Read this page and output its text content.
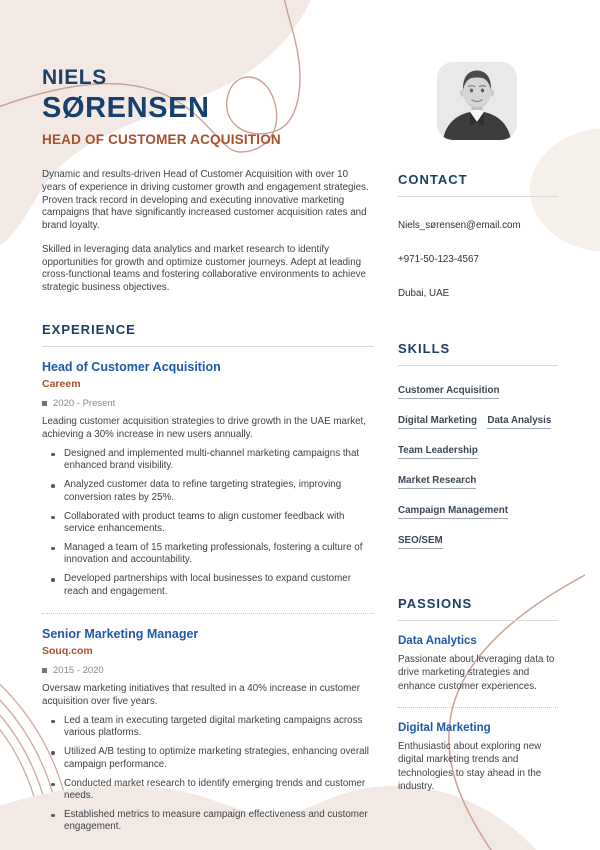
NIELS
SØRENSEN
HEAD OF CUSTOMER ACQUISITION

Dynamic and results-driven Head of Customer Acquisition with over 10 years of experience in driving customer growth and engagement strategies. Proven track record in developing and executing innovative marketing campaigns that have significantly increased customer acquisition rates and brand loyalty.

Skilled in leveraging data analytics and market research to identify opportunities for growth and optimize customer journeys. Adept at leading cross-functional teams and fostering collaborative environments to achieve strategic business objectives.

EXPERIENCE
Head of Customer Acquisition
Careem
2020 - Present

Leading customer acquisition strategies to drive growth in the UAE market, achieving a 30% increase in new users annually.

Designed and implemented multi-channel marketing campaigns that enhanced brand visibility.
Analyzed customer data to refine targeting strategies, improving conversion rates by 25%.
Collaborated with product teams to align customer feedback with service enhancements.
Managed a team of 15 marketing professionals, fostering a culture of innovation and accountability.
Developed partnerships with local businesses to expand customer reach and engagement.
Senior Marketing Manager
Souq.com
2015 - 2020

Oversaw marketing initiatives that resulted in a 40% increase in customer acquisition over five years.

Led a team in executing targeted digital marketing campaigns across various platforms.
Utilized A/B testing to optimize marketing strategies, enhancing overall campaign performance.
Conducted market research to identify emerging trends and customer needs.
Established metrics to measure campaign effectiveness and customer engagement.
CONTACT
Niels_sørensen@email.com
+971-50-123-4567
Dubai, UAE
SKILLS
Customer Acquisition Digital Marketing Data Analysis Team Leadership Market Research Campaign Management SEO/SEM
PASSIONS
Data Analytics

Passionate about leveraging data to drive marketing strategies and enhance customer experiences.

Digital Marketing

Enthusiastic about exploring new digital marketing trends and technologies to stay ahead in the industry.
